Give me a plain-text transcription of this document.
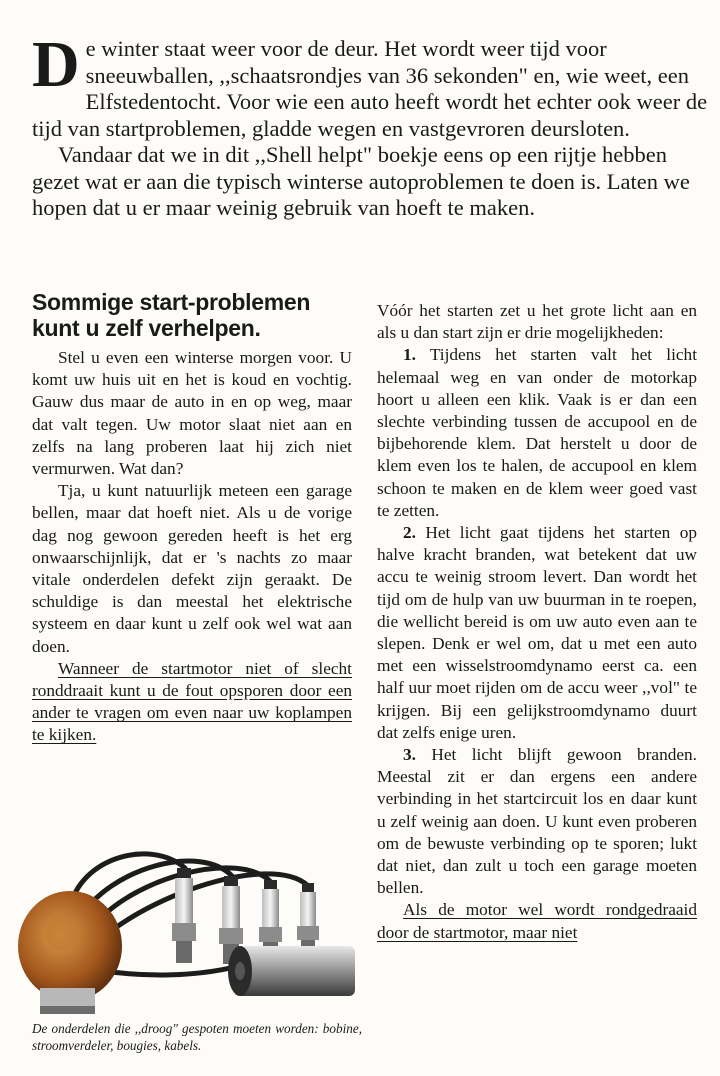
D e winter staat weer voor de deur. Het wordt weer tijd voor sneeuwballen, ,,schaatsrondjes van 36 sekonden" en, wie weet, een Elfstedentocht. Voor wie een auto heeft wordt het echter ook weer de tijd van startproblemen, gladde wegen en vastgevroren deursloten.

Vandaar dat we in dit ,,Shell helpt" boekje eens op een rijtje hebben gezet wat er aan die typisch winterse autoproblemen te doen is. Laten we hopen dat u er maar weinig gebruik van hoeft te maken.

Sommige start-problemen kunt u zelf verhelpen.

Stel u even een winterse morgen voor. U komt uw huis uit en het is koud en vochtig. Gauw dus maar de auto in en op weg, maar dat valt tegen. Uw motor slaat niet aan en zelfs na lang proberen laat hij zich niet vermurwen. Wat dan?

Tja, u kunt natuurlijk meteen een garage bellen, maar dat hoeft niet. Als u de vorige dag nog gewoon gereden heeft is het erg onwaarschijnlijk, dat er 's nachts zo maar vitale onderdelen defekt zijn geraakt. De schuldige is dan meestal het elektrische systeem en daar kunt u zelf ook wel wat aan doen.

Wanneer de startmotor niet of slecht ronddraait kunt u de fout opsporen door een ander te vragen om even naar uw koplampen te kijken.

De onderdelen die ,,droog" gespoten moeten worden: bobine, stroomverdeler, bougies, kabels.

Vóór het starten zet u het grote licht aan en als u dan start zijn er drie mogelijkheden:

1. Tijdens het starten valt het licht helemaal weg en van onder de motorkap hoort u alleen een klik. Vaak is er dan een slechte verbinding tussen de accupool en de bijbehorende klem. Dat herstelt u door de klem even los te halen, de accupool en klem schoon te maken en de klem weer goed vast te zetten.

2. Het licht gaat tijdens het starten op halve kracht branden, wat betekent dat uw accu te weinig stroom levert. Dan wordt het tijd om de hulp van uw buurman in te roepen, die wellicht bereid is om uw auto even aan te slepen. Denk er wel om, dat u met een auto met een wisselstroomdynamo eerst ca. een half uur moet rijden om de accu weer ,,vol" te krijgen. Bij een gelijkstroomdynamo duurt dat zelfs enige uren.

3. Het licht blijft gewoon branden. Meestal zit er dan ergens een andere verbinding in het startcircuit los en daar kunt u zelf weinig aan doen. U kunt even proberen om de bewuste verbinding op te sporen; lukt dat niet, dan zult u toch een garage moeten bellen.

Als de motor wel wordt rondgedraaid door de startmotor, maar niet
